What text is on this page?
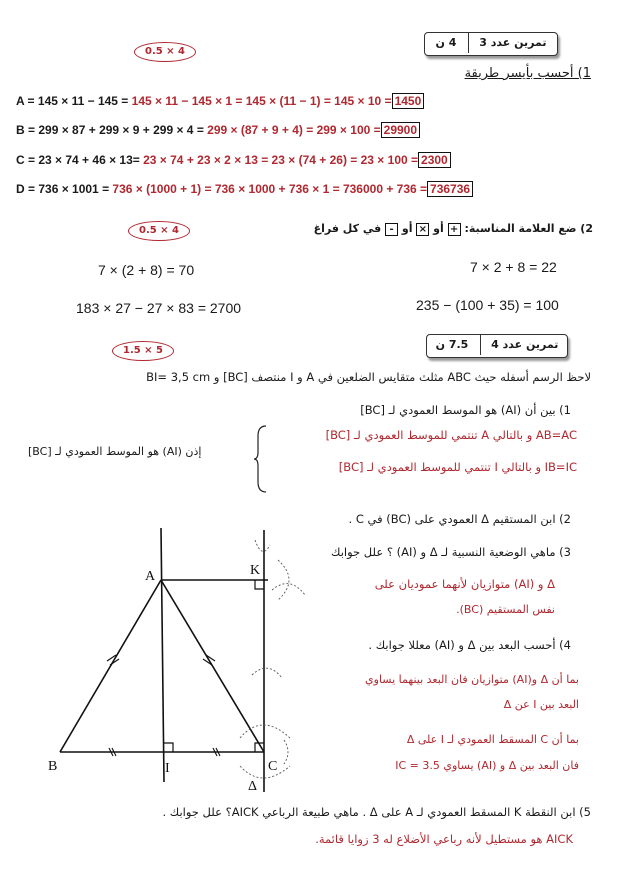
0.5 × 4
تمرين عدد 3 4 ن
1) أحسب بأيسر طريقة
A = 145 × 11 − 145 = 145 × 11 − 145 × 1 = 145 × (11 − 1) = 145 × 10 = 1450
B = 299 × 87 + 299 × 9 + 299 × 4 = 299 × (87 + 9 + 4) = 299 × 100 = 29900
C = 23 × 74 + 46 × 13= 23 × 74 + 23 × 2 × 13 = 23 × (74 + 26) = 23 × 100 = 2300
D = 736 × 1001 = 736 × (1000 + 1) = 736 × 1000 + 736 × 1 = 736000 + 736 = 736736
0.5 × 4	2) ضع العلامة المناسبة: + أو × أو - في كل فراغ
7 × (2 + 8) = 70	7 × 2 + 8 = 22
183 × 27 − 27 × 83 = 2700	235 − (100 + 35) = 100
1.5 × 5	تمرين عدد 4 7.5 ن
لاحظ الرسم أسفله حيث ABC مثلث متقايس الضلعين في A و I منتصف [BC] و BI= 3,5 cm
1) بين أن (AI) هو الموسط العمودي لـ [BC]
AB=AC و بالتالي A تنتمي للموسط العمودي لـ [BC]
IB=IC و بالتالي I تنتمي للموسط العمودي لـ [BC]
إذن (AI) هو الموسط العمودي لـ [BC]
2) ابن المستقيم Δ العمودي على (BC) في C .
3) ماهي الوضعية النسبية لـ Δ و (AI) ؟ علل جوابك
Δ و (AI) متوازيان لأنهما عموديان على
نفس المستقيم (BC).
4) أحسب البعد بين Δ و (AI) معللا جوابك .
بما أن Δ و(AI) متوازيان فان البعد بينهما يساوي
البعد بين I عن Δ
بما أن C المسقط العمودي لـ I على Δ
فان البعد بين Δ و (AI) يساوي IC = 3.5
5) ابن النقطة K المسقط العمودي لـ A على Δ . ماهي طبيعة الرباعي AICK؟ علل جوابك .
AICK هو مستطيل لأنه رباعي الأضلاع له 3 زوايا قائمة.
A
B	C
I
K
Δ
